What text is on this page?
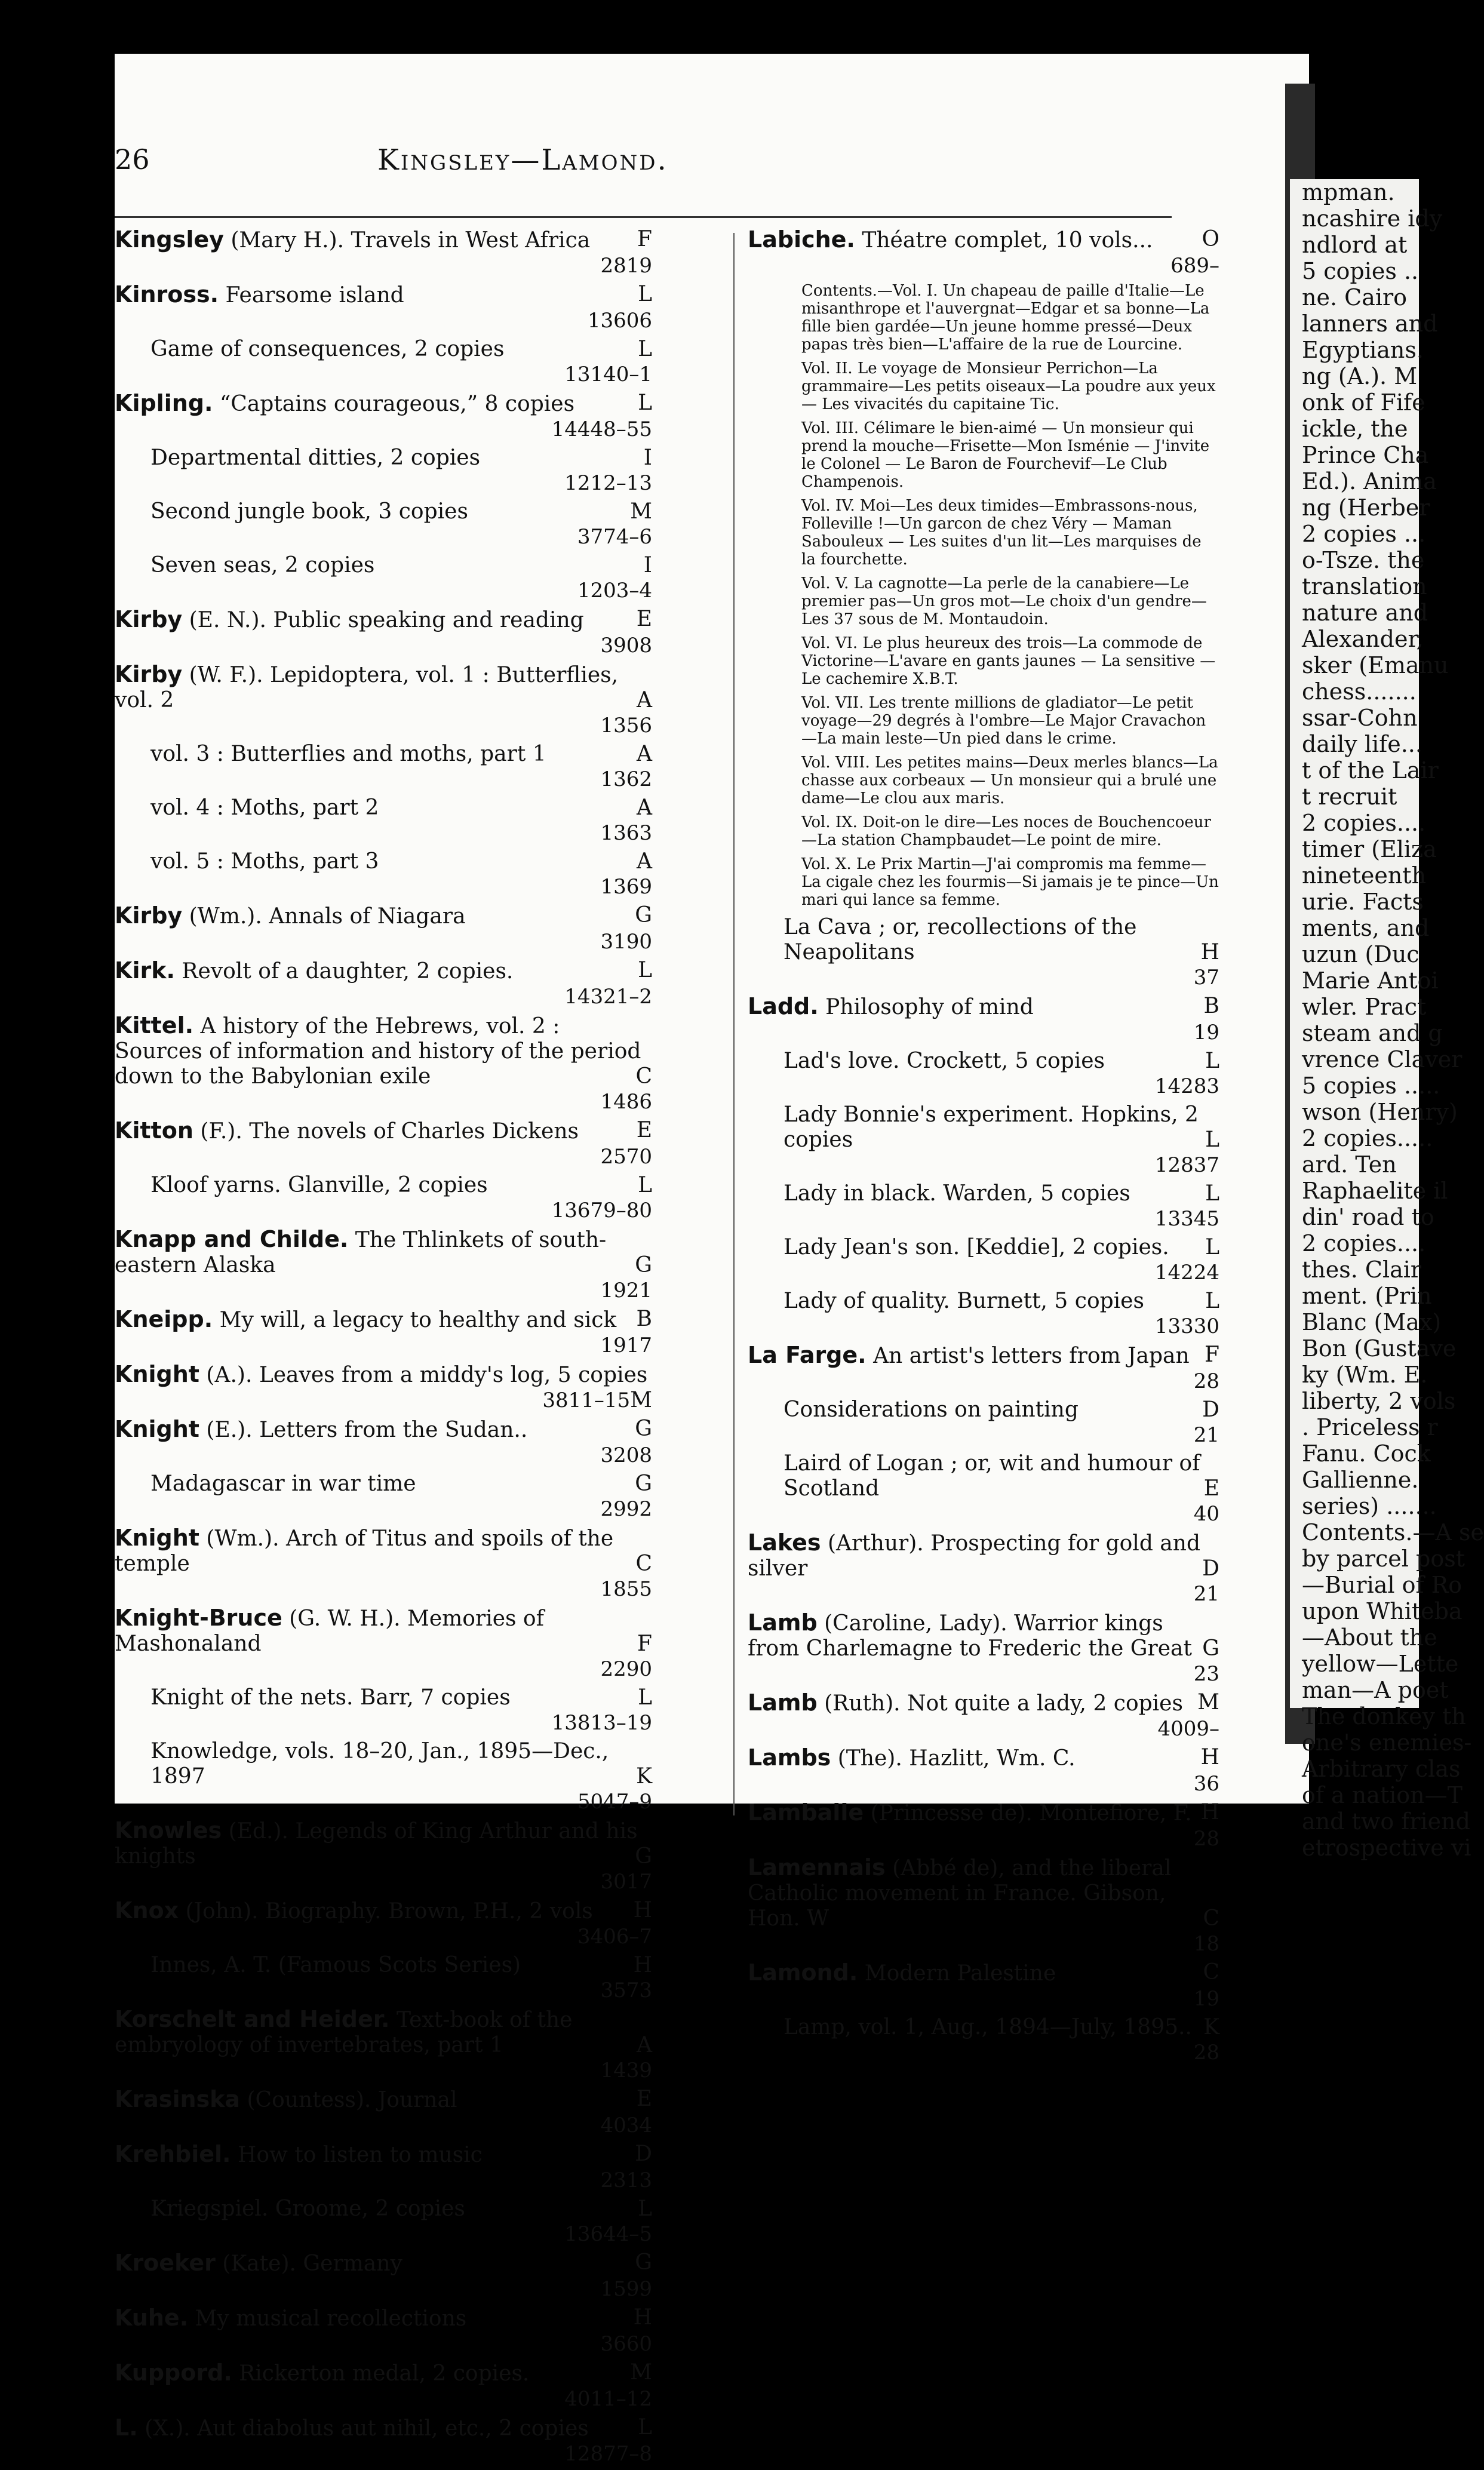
26	Kingsley—Lamond.
Kingsley (Mary H.). Travels in West Africa F
2819
Kinross. Fearsome island	L
13606
Game of consequences, 2 copies	L
13140–1
Kipling. “Captains courageous,” 8 copies	L
14448–55
Departmental ditties, 2 copies	I
1212–13
Second jungle book, 3 copies	M
3774–6
Seven seas, 2 copies	I
1203–4
Kirby (E. N.). Public speaking and reading E
3908
Kirby (W. F.). Lepidoptera, vol. 1 : Butterflies, vol. 2	A
1356
vol. 3 : Butterflies and moths, part 1	A
1362
vol. 4 : Moths, part 2	A
1363
vol. 5 : Moths, part 3	A
1369
Kirby (Wm.). Annals of Niagara	G
3190
Kirk. Revolt of a daughter, 2 copies.	L
14321–2
Kittel. A history of the Hebrews, vol. 2 : Sources of information and history of the period down to the Babylonian exile	C
1486
Kitton (F.). The novels of Charles Dickens	E
2570
Kloof yarns. Glanville, 2 copies	L
13679–80
Knapp and Childe. The Thlinkets of south-eastern Alaska	G
1921
Kneipp. My will, a legacy to healthy and sick B
1917
Knight (A.). Leaves from a middy's log, 5 copies
M
3811–15
Knight (E.). Letters from the Sudan..	G
3208
Madagascar in war time	G
2992
Knight (Wm.). Arch of Titus and spoils of the temple	C
1855
Knight-Bruce (G. W. H.). Memories of Mashonaland	F
2290
Knight of the nets. Barr, 7 copies	L
13813–19
Knowledge, vols. 18–20, Jan., 1895—Dec., 1897	K
5047–9
Knowles (Ed.). Legends of King Arthur and his knights	G
3017
Knox (John). Biography. Brown, P.H., 2 vols H
3406–7
Innes, A. T. (Famous Scots Series)	H
3573
Korschelt and Heider. Text-book of the embryology of invertebrates, part 1	A
1439
Krasinska (Countess). Journal	E
4034
Krehbiel. How to listen to music	D
2313
Kriegspiel. Groome, 2 copies	L
13644–5
Kroeker (Kate). Germany	G
1599
Kuhe. My musical recollections	H
3660
Kuppord. Rickerton medal, 2 copies.	M
4011–12
L. (X.). Aut diabolus aut nihil, etc., 2 copies L
12877–8
Labiche. Théatre complet, 10 vols... O
689–
Contents.—Vol. I. Un chapeau de paille d'Italie—Le misanthrope et l'auvergnat—Edgar et sa bonne—La fille bien gardée—Un jeune homme pressé—Deux papas très bien—L'affaire de la rue de Lourcine.
Vol. II. Le voyage de Monsieur Perrichon—La grammaire—Les petits oiseaux—La poudre aux yeux — Les vivacités du capitaine Tic.
Vol. III. Célimare le bien-aimé — Un monsieur qui prend la mouche—Frisette—Mon Isménie — J'invite le Colonel — Le Baron de Fourchevif—Le Club Champenois.
Vol. IV. Moi—Les deux timides—Embrassons-nous, Folleville !—Un garcon de chez Véry — Maman Sabouleux — Les suites d'un lit—Les marquises de la fourchette.
Vol. V. La cagnotte—La perle de la canabiere—Le premier pas—Un gros mot—Le choix d'un gendre—Les 37 sous de M. Montaudoin.
Vol. VI. Le plus heureux des trois—La commode de Victorine—L'avare en gants jaunes — La sensitive — Le cachemire X.B.T.
Vol. VII. Les trente millions de gladiator—Le petit voyage—29 degrés à l'ombre—Le Major Cravachon—La main leste—Un pied dans le crime.
Vol. VIII. Les petites mains—Deux merles blancs—La chasse aux corbeaux — Un monsieur qui a brulé une dame—Le clou aux maris.
Vol. IX. Doit-on le dire—Les noces de Bouchencoeur—La station Champbaudet—Le point de mire.
Vol. X. Le Prix Martin—J'ai compromis ma femme—La cigale chez les fourmis—Si jamais je te pince—Un mari qui lance sa femme.
La Cava ; or, recollections of the Neapolitans	H
37
Ladd. Philosophy of mind	B
19
Lad's love. Crockett, 5 copies	L
14283
Lady Bonnie's experiment. Hopkins, 2 copies	L
12837
Lady in black. Warden, 5 copies	L
13345
Lady Jean's son. [Keddie], 2 copies. L
14224
Lady of quality. Burnett, 5 copies	L
13330
La Farge. An artist's letters from Japan F
28
Considerations on painting	D
21
Laird of Logan ; or, wit and humour of Scotland	E
40
Lakes (Arthur). Prospecting for gold and silver	D
21
Lamb (Caroline, Lady). Warrior kings from Charlemagne to Frederic the Great G
23
Lamb (Ruth). Not quite a lady, 2 copies M
4009–
Lambs (The). Hazlitt, Wm. C.	H
36
Lamballe (Princesse de). Montefiore, F. H
28
Lamennais (Abbé de), and the liberal Catholic movement in France. Gibson, Hon. W	C
18
Lamond. Modern Palestine	C
19
Lamp, vol. 1, Aug., 1894—July, 1895.. K
28
mpman.
ncashire idy
ndlord at
5 copies ..
ne. Cairo
lanners and
Egyptians.
ng (A.). M
onk of Fife
ickle, the
Prince Cha
Ed.). Anima
ng (Herber
2 copies ...
o-Tsze. the
translation
nature and
Alexander,
sker (Emanu
chess.......
ssar-Cohn
daily life...
t of the Lair
t recruit
2 copies....
timer (Eliza
nineteenth
urie. Facts
ments, and
uzun (Duc
Marie Antoi
wler. Pract
steam and g
vrence Claver
5 copies .....
wson (Henry)
2 copies.....
ard. Ten
Raphaelite il
din' road to
2 copies....
thes. Clair
ment. (Prin
Blanc (Max)
Bon (Gustave
ky (Wm. E.
liberty, 2 vols
. Priceless r
Fanu. Cock
Gallienne.
series) .......
Contents.—A se
by parcel post
—Burial of Ro
upon Whiteba
—About the
yellow—Lette
man—A poet
The donkey th
one's enemies-
Arbitrary clas
of a nation—T
and two friend
etrospective vi
